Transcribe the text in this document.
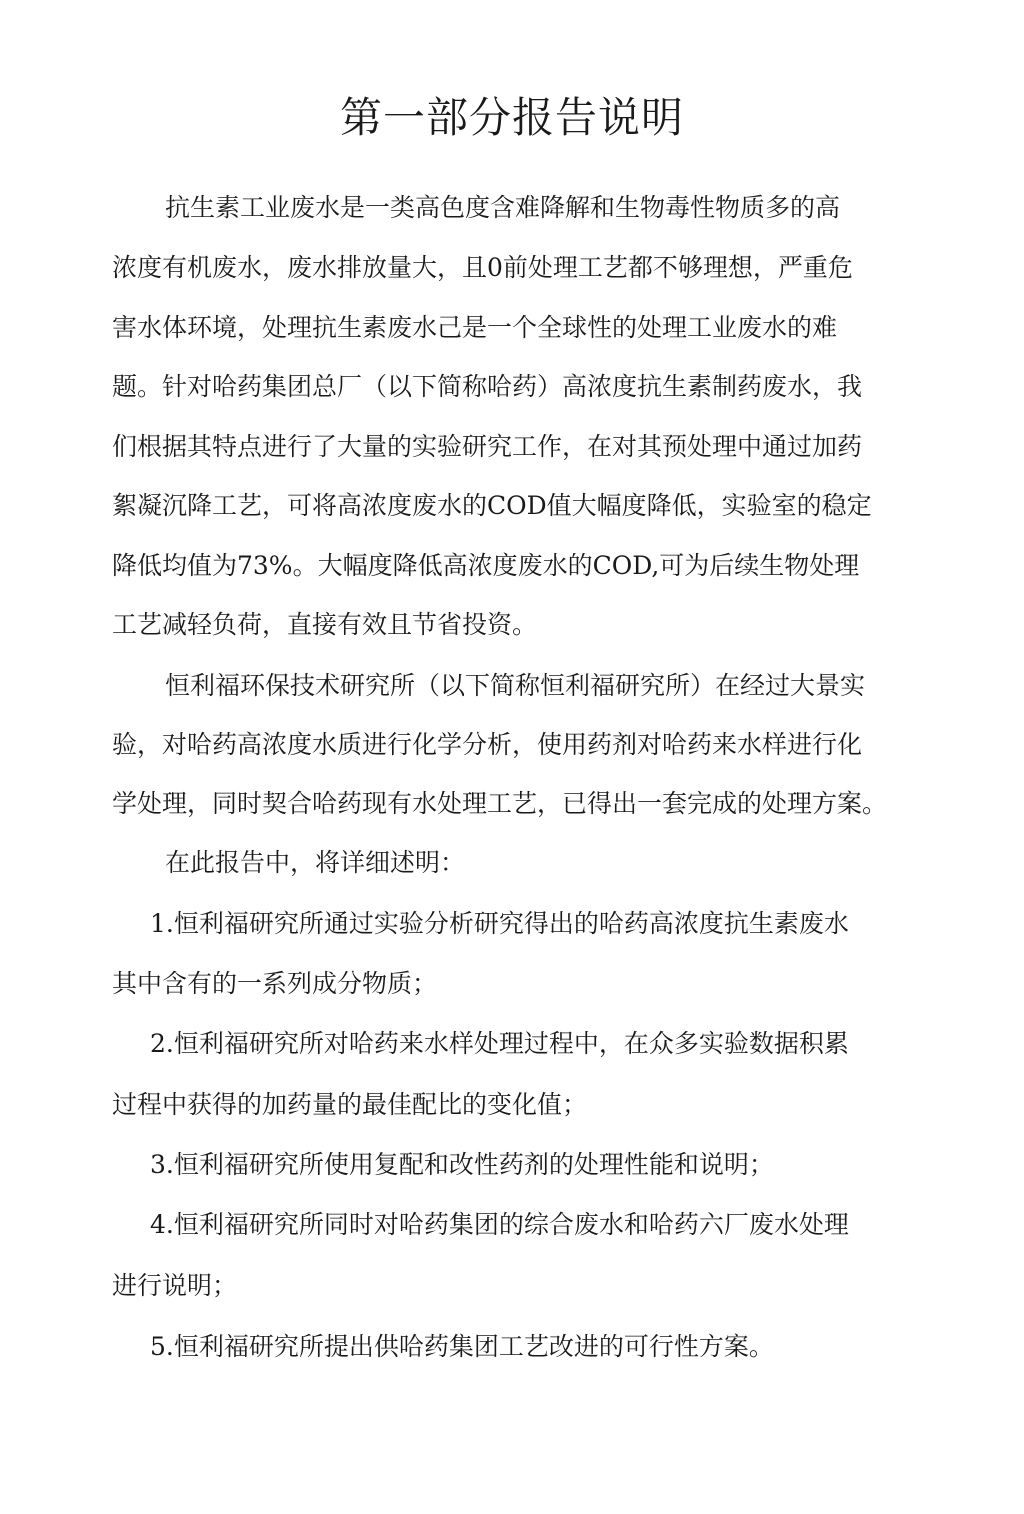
第一部分报告说明
抗生素工业废水是一类高色度含难降解和生物毒性物质多的高
浓度有机废水，废水排放量大，且0前处理工艺都不够理想，严重危
害水体环境，处理抗生素废水己是一个全球性的处理工业废水的难
题。针对哈药集团总厂（以下简称哈药）高浓度抗生素制药废水，我
们根据其特点进行了大量的实验研究工作，在对其预处理中通过加药
絮凝沉降工艺，可将高浓度废水的COD值大幅度降低，实验室的稳定
降低均值为73%。大幅度降低高浓度废水的COD,可为后续生物处理
工艺减轻负荷，直接有效且节省投资。
恒利福环保技术研究所（以下简称恒利福研究所）在经过大景实
验，对哈药高浓度水质进行化学分析，使用药剂对哈药来水样进行化
学处理，同时契合哈药现有水处理工艺，已得出一套完成的处理方案。
在此报告中，将详细述明：
1.恒利福研究所通过实验分析研究得出的哈药高浓度抗生素废水
其中含有的一系列成分物质；
2.恒利福研究所对哈药来水样处理过程中，在众多实验数据积累
过程中获得的加药量的最佳配比的变化值；
3.恒利福研究所使用复配和改性药剂的处理性能和说明；
4.恒利福研究所同时对哈药集团的综合废水和哈药六厂废水处理
进行说明；
5.恒利福研究所提出供哈药集团工艺改进的可行性方案。
